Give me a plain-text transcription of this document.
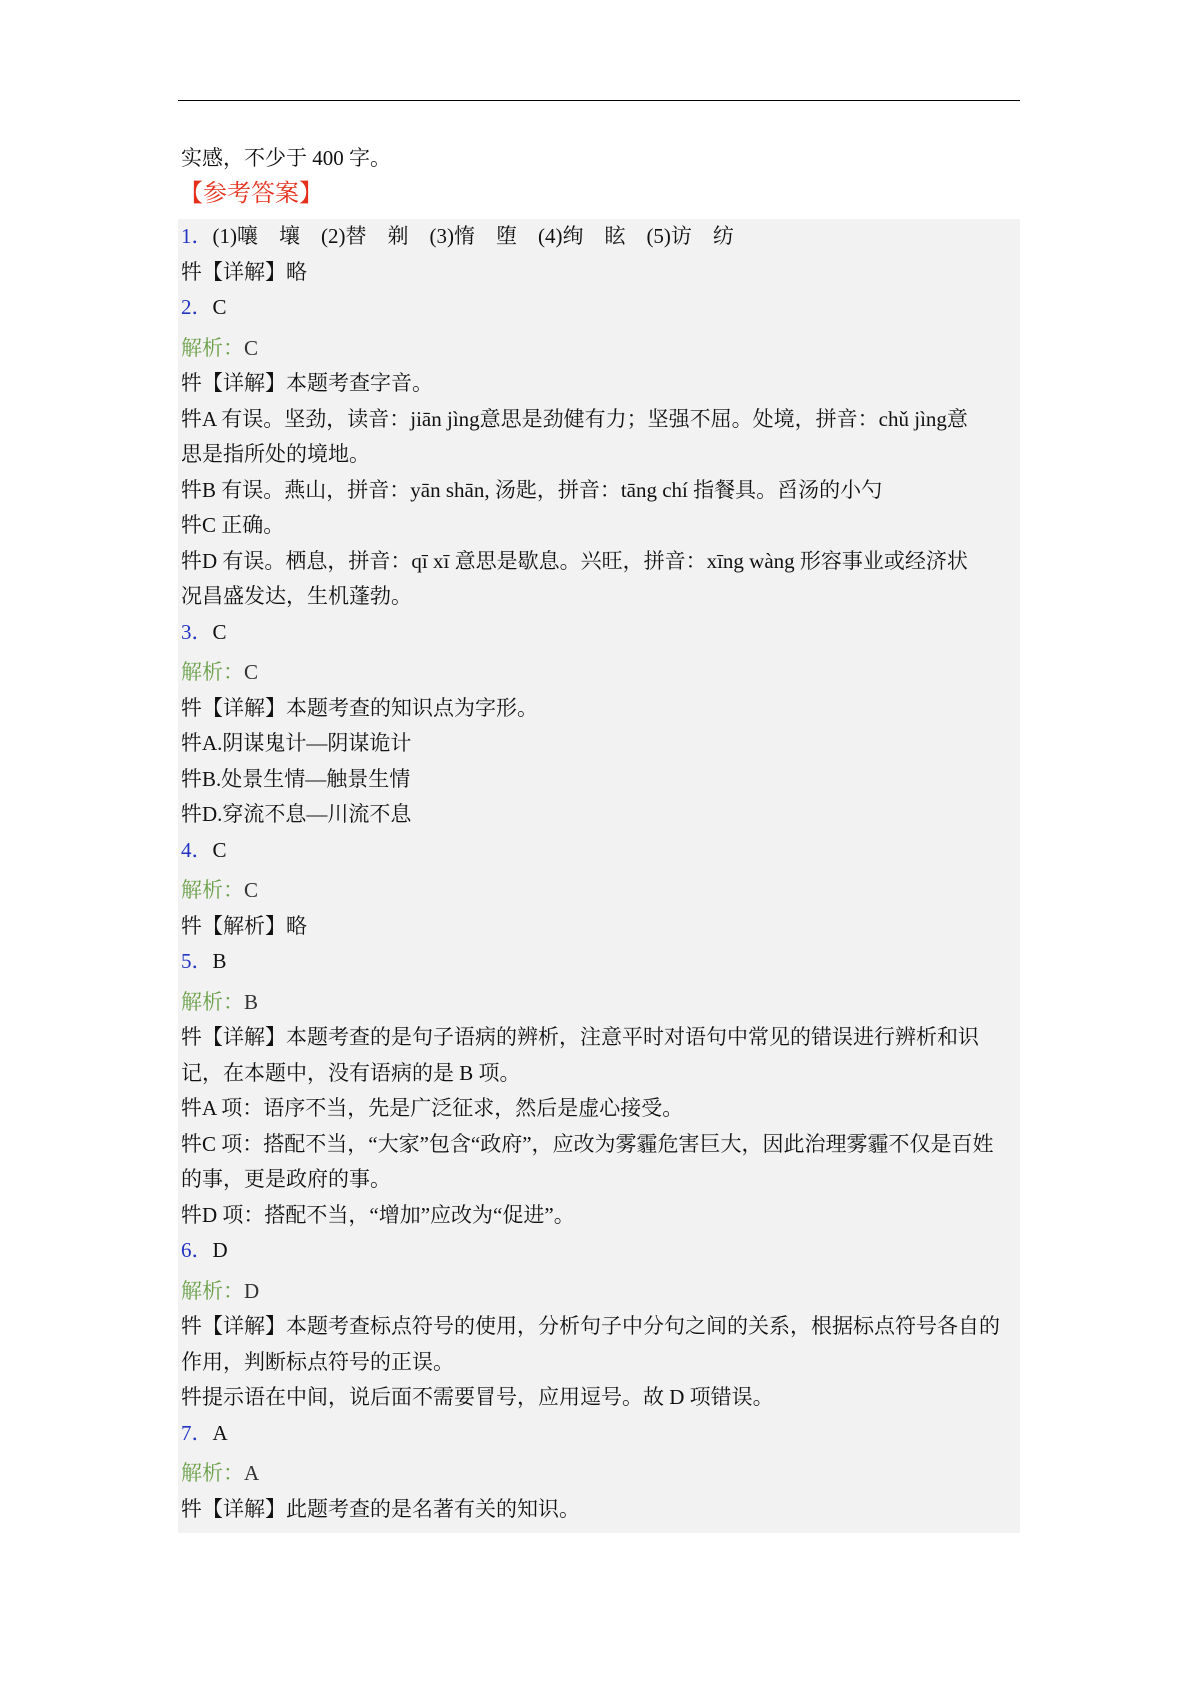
实感，不少于 400 字。
【参考答案】
1．(1)嚷　壤　(2)替　剃　(3)惰　堕　(4)绚　眩　(5)访　纺
牪【详解】略
2．C
解析：C
牪【详解】本题考查字音。
牪A 有误。坚劲，读音：jiān jìng意思是劲健有力；坚强不屈。处境，拼音：chǔ jìng意
思是指所处的境地。
牪B 有误。燕山，拼音：yān shān, 汤匙，拼音：tāng chí 指餐具。舀汤的小勺
牪C 正确。
牪D 有误。栖息，拼音：qī xī 意思是歇息。兴旺，拼音：xīng wàng 形容事业或经济状
况昌盛发达，生机蓬勃。
3．C
解析：C
牪【详解】本题考查的知识点为字形。
牪A.阴谋鬼计—阴谋诡计
牪B.处景生情—触景生情
牪D.穿流不息—川流不息
4．C
解析：C
牪【解析】略
5．B
解析：B
牪【详解】本题考查的是句子语病的辨析，注意平时对语句中常见的错误进行辨析和识
记，在本题中，没有语病的是 B 项。
牪A 项：语序不当，先是广泛征求，然后是虚心接受。
牪C 项：搭配不当，“大家”包含“政府”，应改为雾霾危害巨大，因此治理雾霾不仅是百姓
的事，更是政府的事。
牪D 项：搭配不当，“增加”应改为“促进”。
6．D
解析：D
牪【详解】本题考查标点符号的使用，分析句子中分句之间的关系，根据标点符号各自的
作用，判断标点符号的正误。
牪提示语在中间，说后面不需要冒号，应用逗号。故 D 项错误。
7．A
解析：A
牪【详解】此题考查的是名著有关的知识。
